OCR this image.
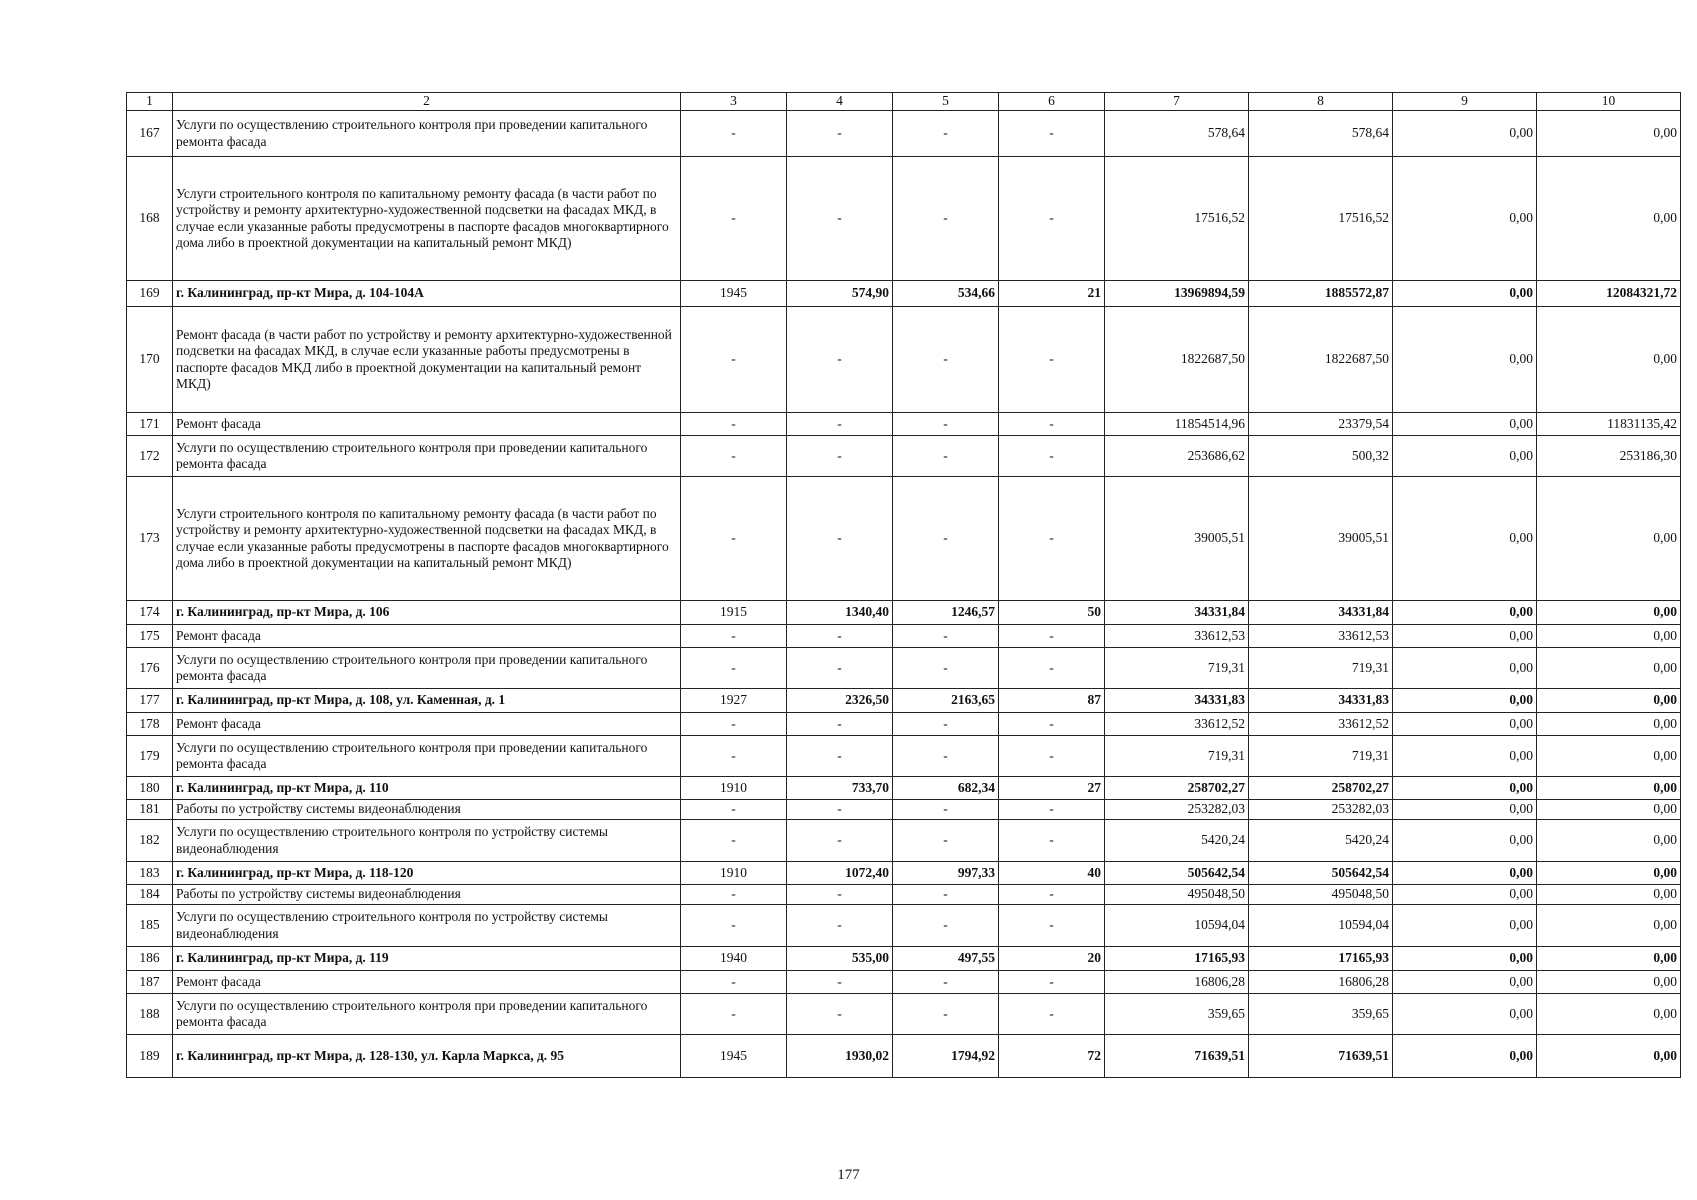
1	2	3	4	5	6	7	8	9	10
167	Услуги по осуществлению строительного контроля при проведении капитального ремонта фасада	-	-	-	-	578,64	578,64	0,00	0,00
168	Услуги строительного контроля по капитальному ремонту фасада (в части работ по устройству и ремонту архитектурно-художественной подсветки на фасадах МКД, в случае если указанные работы предусмотрены в паспорте фасадов многоквартирного дома либо в проектной документации на капитальный ремонт МКД)	-	-	-	-	17516,52	17516,52	0,00	0,00
169	г. Калининград, пр-кт Мира, д. 104-104А	1945	574,90	534,66	21	13969894,59	1885572,87	0,00	12084321,72
170	Ремонт фасада (в части работ по устройству и ремонту архитектурно-художественной подсветки на фасадах МКД, в случае если указанные работы предусмотрены в паспорте фасадов МКД либо в проектной документации на капитальный ремонт МКД)	-	-	-	-	1822687,50	1822687,50	0,00	0,00
171	Ремонт фасада	-	-	-	-	11854514,96	23379,54	0,00	11831135,42
172	Услуги по осуществлению строительного контроля при проведении капитального ремонта фасада	-	-	-	-	253686,62	500,32	0,00	253186,30
173	Услуги строительного контроля по капитальному ремонту фасада (в части работ по устройству и ремонту архитектурно-художественной подсветки на фасадах МКД, в случае если указанные работы предусмотрены в паспорте фасадов многоквартирного дома либо в проектной документации на капитальный ремонт МКД)	-	-	-	-	39005,51	39005,51	0,00	0,00
174	г. Калининград, пр-кт Мира, д. 106	1915	1340,40	1246,57	50	34331,84	34331,84	0,00	0,00
175	Ремонт фасада	-	-	-	-	33612,53	33612,53	0,00	0,00
176	Услуги по осуществлению строительного контроля при проведении капитального ремонта фасада	-	-	-	-	719,31	719,31	0,00	0,00
177	г. Калининград, пр-кт Мира, д. 108, ул. Каменная, д. 1	1927	2326,50	2163,65	87	34331,83	34331,83	0,00	0,00
178	Ремонт фасада	-	-	-	-	33612,52	33612,52	0,00	0,00
179	Услуги по осуществлению строительного контроля при проведении капитального ремонта фасада	-	-	-	-	719,31	719,31	0,00	0,00
180	г. Калининград, пр-кт Мира, д. 110	1910	733,70	682,34	27	258702,27	258702,27	0,00	0,00
181	Работы по устройству системы видеонаблюдения	-	-	-	-	253282,03	253282,03	0,00	0,00
182	Услуги по осуществлению строительного контроля по устройству системы видеонаблюдения	-	-	-	-	5420,24	5420,24	0,00	0,00
183	г. Калининград, пр-кт Мира, д. 118-120	1910	1072,40	997,33	40	505642,54	505642,54	0,00	0,00
184	Работы по устройству системы видеонаблюдения	-	-	-	-	495048,50	495048,50	0,00	0,00
185	Услуги по осуществлению строительного контроля по устройству системы видеонаблюдения	-	-	-	-	10594,04	10594,04	0,00	0,00
186	г. Калининград, пр-кт Мира, д. 119	1940	535,00	497,55	20	17165,93	17165,93	0,00	0,00
187	Ремонт фасада	-	-	-	-	16806,28	16806,28	0,00	0,00
188	Услуги по осуществлению строительного контроля при проведении капитального ремонта фасада	-	-	-	-	359,65	359,65	0,00	0,00
189	г. Калининград, пр-кт Мира, д. 128-130, ул. Карла Маркса, д. 95	1945	1930,02	1794,92	72	71639,51	71639,51	0,00	0,00
177
